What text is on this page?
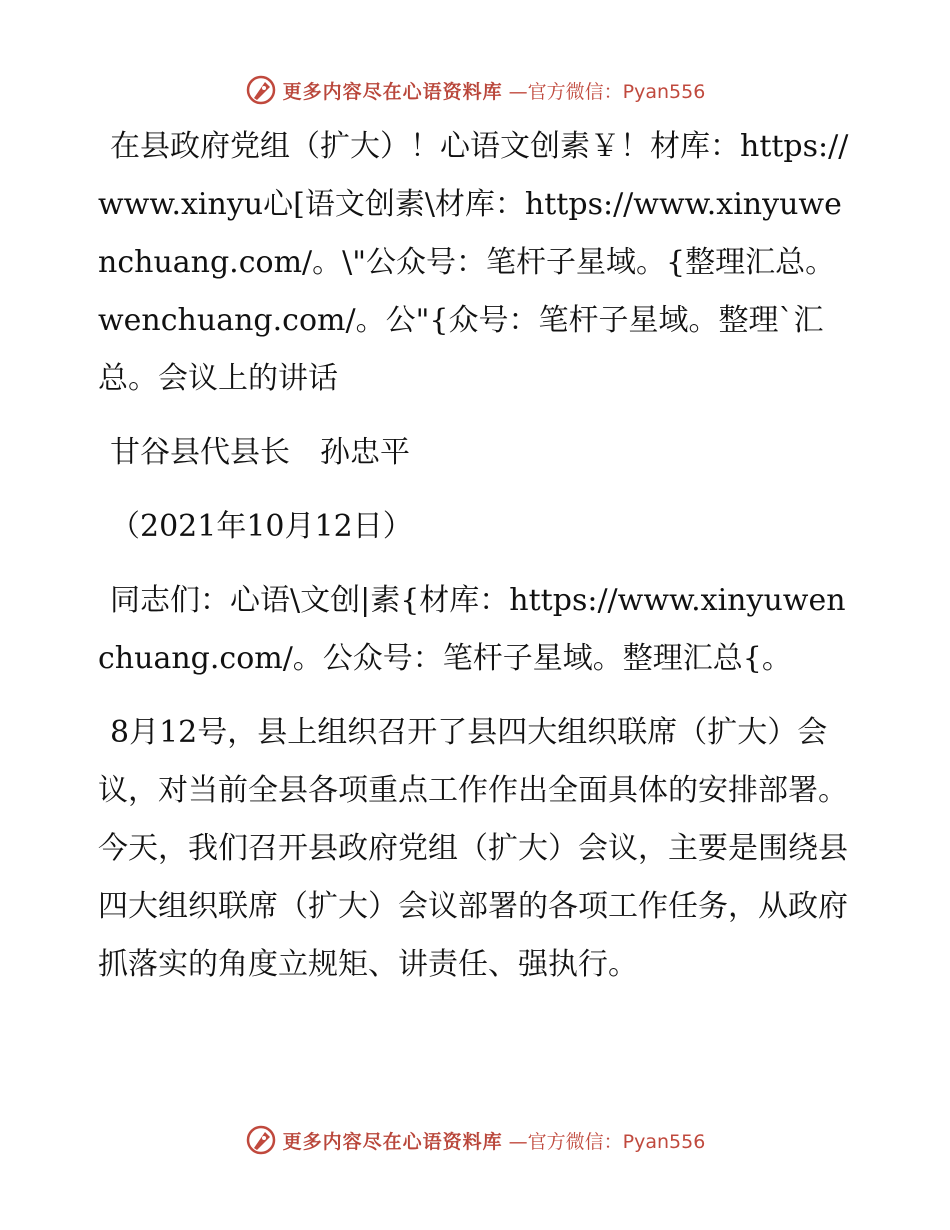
更多内容尽在心语资料库 —官方微信：Pyan556

在县政府党组（扩大）！心语文创素￥！材库：https://www.xinyu心[语文创素\材库：https://www.xinyuwenchuang.com/。\"公众号：笔杆子星域。{整理汇总。wenchuang.com/。公"{众号：笔杆子星域。整理`汇总。会议上的讲话

甘谷县代县长　孙忠平

（2021年10月12日）

同志们：心语\文创|素{材库：https://www.xinyuwenchuang.com/。公众号：笔杆子星域。整理汇总{。

8月12号，县上组织召开了县四大组织联席（扩大）会议，对当前全县各项重点工作作出全面具体的安排部署。今天，我们召开县政府党组（扩大）会议，主要是围绕县四大组织联席（扩大）会议部署的各项工作任务，从政府抓落实的角度立规矩、讲责任、强执行。

更多内容尽在心语资料库 —官方微信：Pyan556
